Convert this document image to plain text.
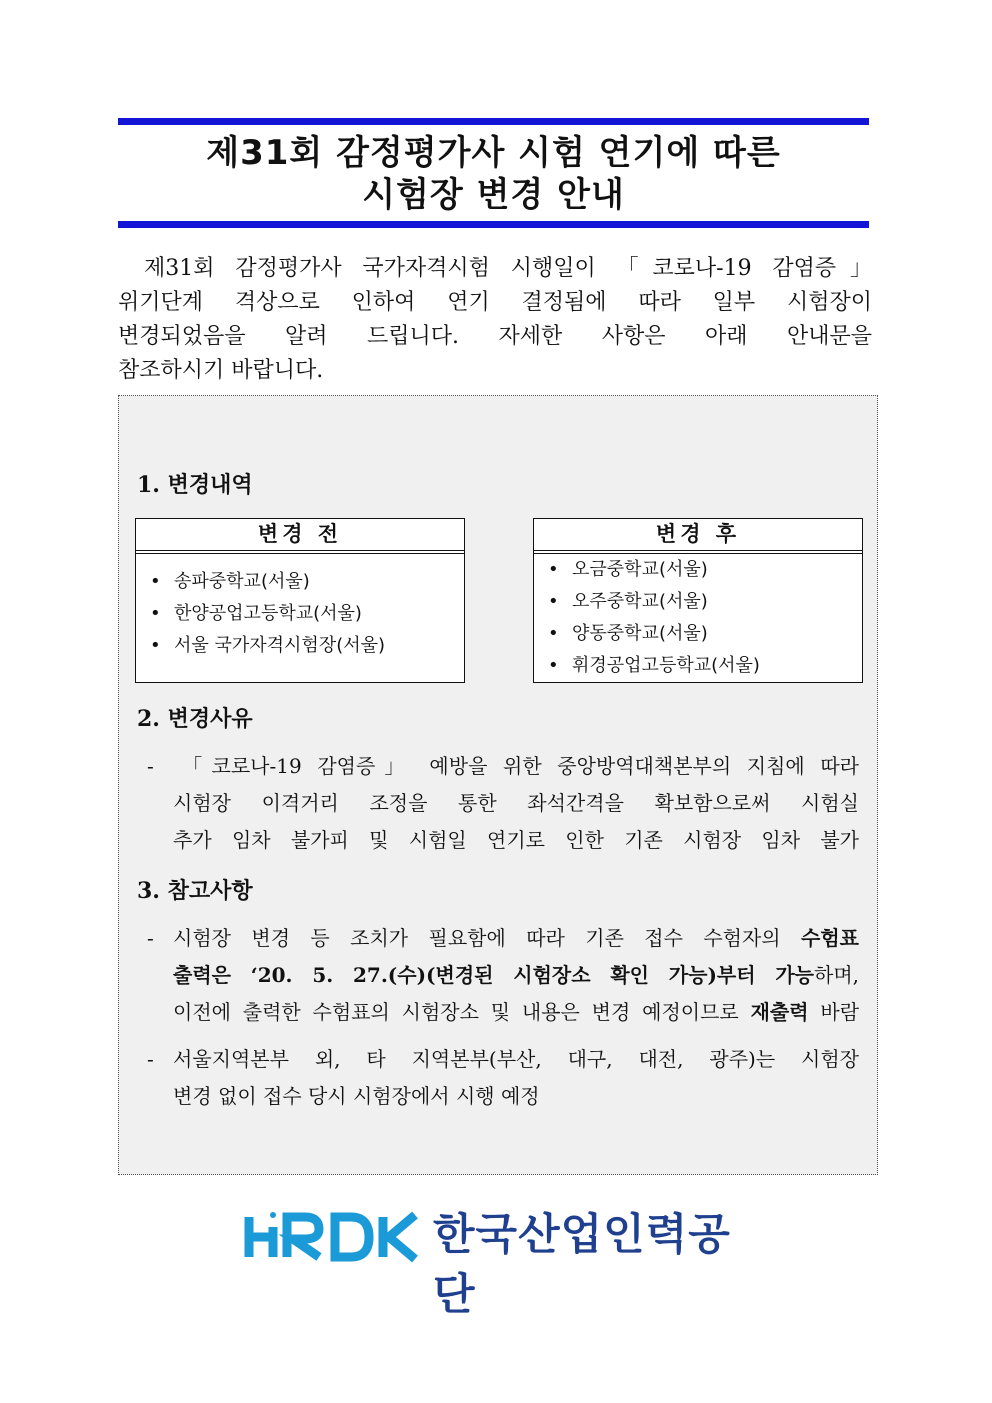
제31회 감정평가사 시험 연기에 따른
시험장 변경 안내
제31회 감정평가사 국가자격시험 시행일이 「코로나-19 감염증」
위기단계 격상으로 인하여 연기 결정됨에 따라 일부 시험장이
변경되었음을 알려 드립니다. 자세한 사항은 아래 안내문을
참조하시기 바랍니다.
1. 변경내역
변경 전
• 송파중학교(서울)
• 한양공업고등학교(서울)
• 서울 국가자격시험장(서울)
변경 후
• 오금중학교(서울)
• 오주중학교(서울)
• 양동중학교(서울)
• 휘경공업고등학교(서울)
2. 변경사유
- 「코로나-19 감염증」 예방을 위한 중앙방역대책본부의 지침에 따라
시험장 이격거리 조정을 통한 좌석간격을 확보함으로써 시험실
추가 임차 불가피 및 시험일 연기로 인한 기존 시험장 임차 불가
3. 참고사항
- 시험장 변경 등 조치가 필요함에 따라 기존 접수 수험자의 수험표
출력은 ‘20. 5. 27.(수)(변경된 시험장소 확인 가능)부터 가능하며,
이전에 출력한 수험표의 시험장소 및 내용은 변경 예정이므로 재출력 바람
- 서울지역본부 외, 타 지역본부(부산, 대구, 대전, 광주)는 시험장
변경 없이 접수 당시 시험장에서 시행 예정
HRDK
한국산업인력공단
